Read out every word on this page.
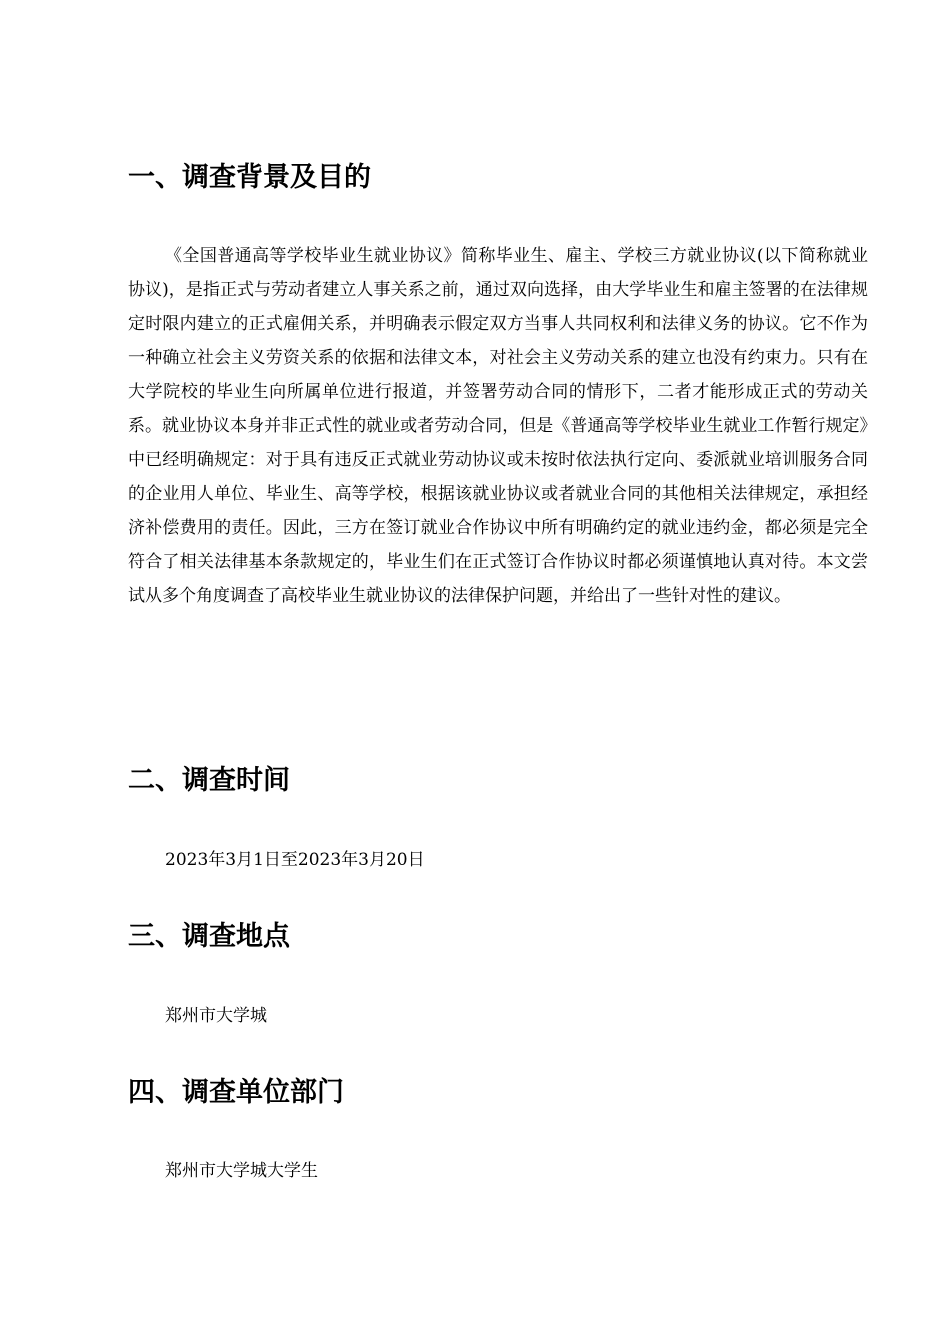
一、调查背景及目的

《全国普通高等学校毕业生就业协议》简称毕业生、雇主、学校三方就业协议(以下简称就业协议)，是指正式与劳动者建立人事关系之前，通过双向选择，由大学毕业生和雇主签署的在法律规定时限内建立的正式雇佣关系，并明确表示假定双方当事人共同权利和法律义务的协议。它不作为一种确立社会主义劳资关系的依据和法律文本，对社会主义劳动关系的建立也没有约束力。只有在大学院校的毕业生向所属单位进行报道，并签署劳动合同的情形下，二者才能形成正式的劳动关系。就业协议本身并非正式性的就业或者劳动合同，但是《普通高等学校毕业生就业工作暂行规定》中已经明确规定：对于具有违反正式就业劳动协议或未按时依法执行定向、委派就业培训服务合同的企业用人单位、毕业生、高等学校，根据该就业协议或者就业合同的其他相关法律规定，承担经济补偿费用的责任。因此，三方在签订就业合作协议中所有明确约定的就业违约金，都必须是完全符合了相关法律基本条款规定的，毕业生们在正式签订合作协议时都必须谨慎地认真对待。本文尝试从多个角度调查了高校毕业生就业协议的法律保护问题，并给出了一些针对性的建议。

二、调查时间

2023年3月1日至2023年3月20日

三、调查地点

郑州市大学城

四、调查单位部门

郑州市大学城大学生
